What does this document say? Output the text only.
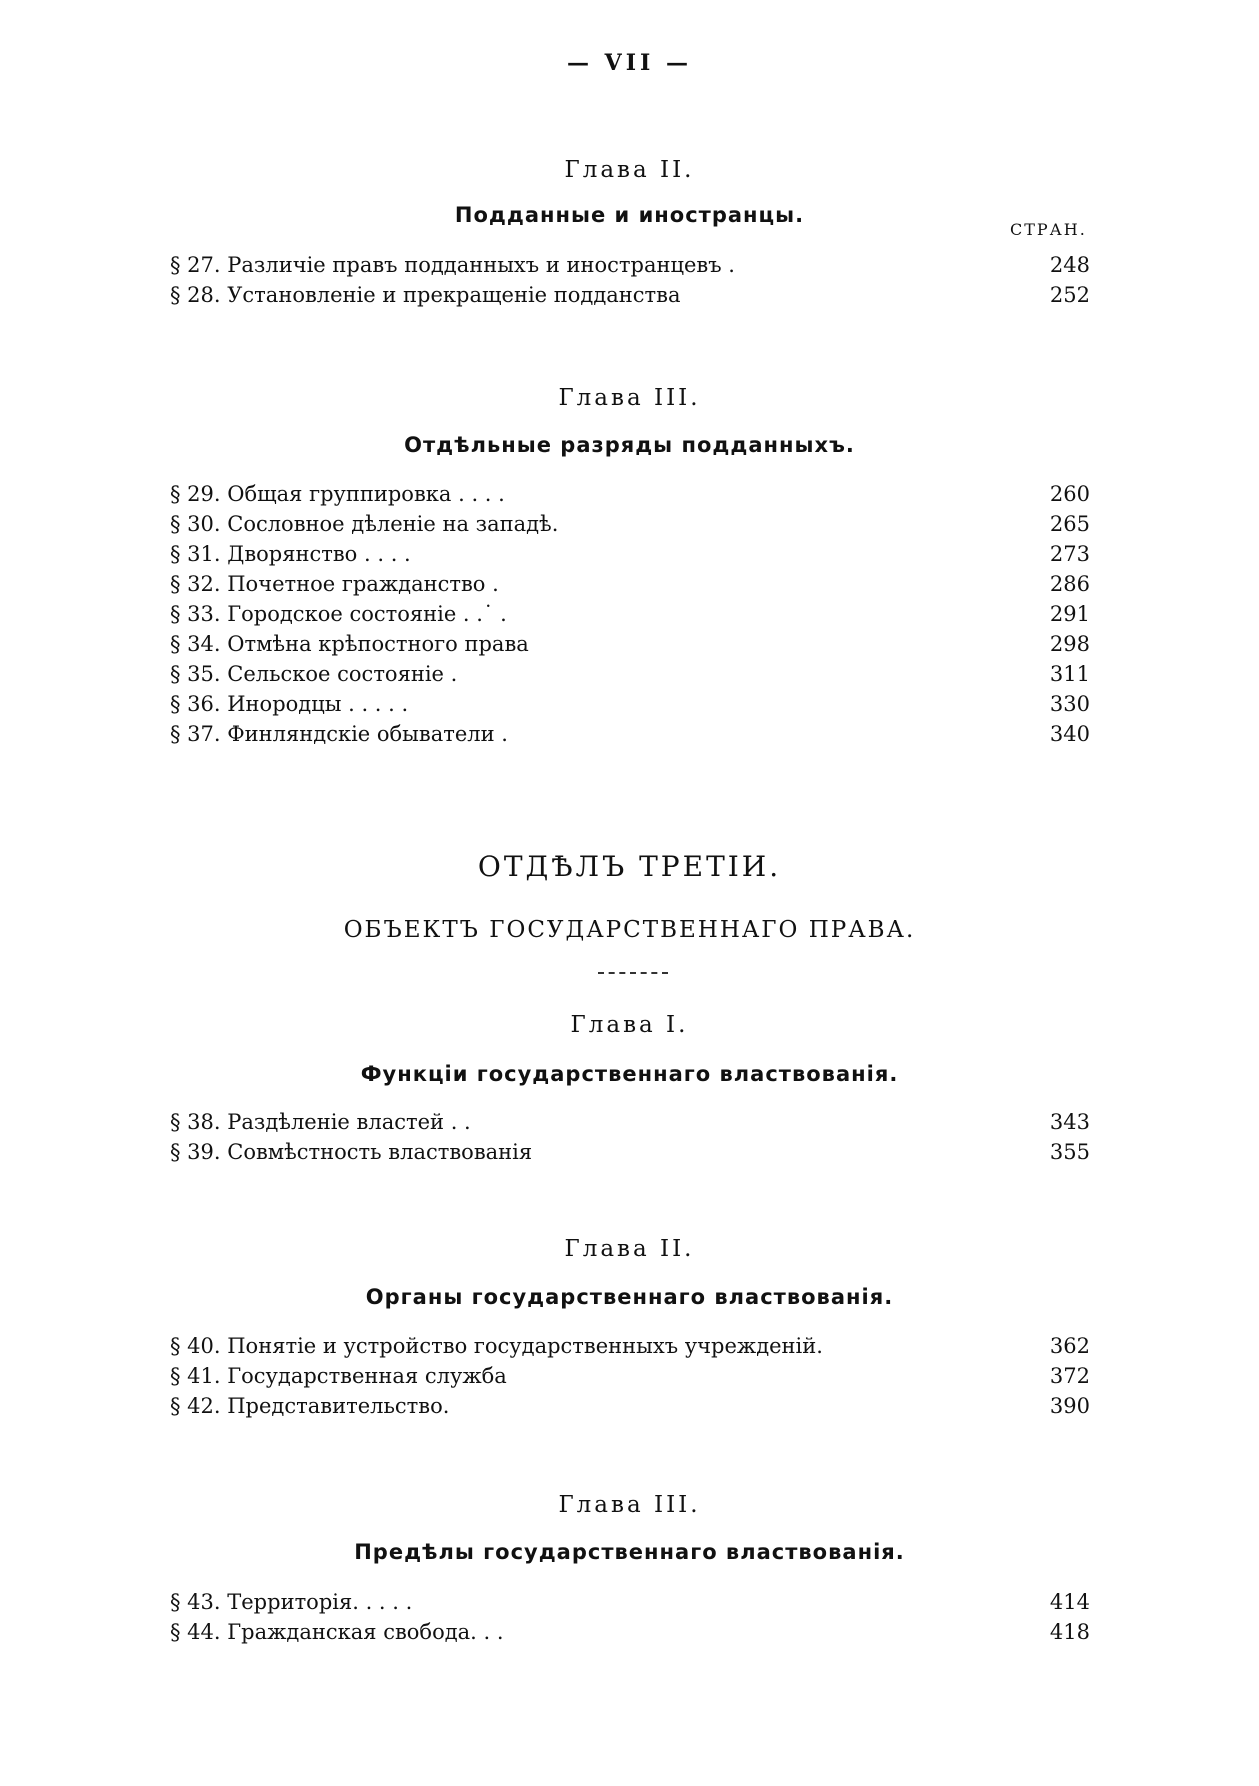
— VII —
Глава II.
Подданные и иностранцы.
СТРАН.
§ 27. Различіе правъ подданныхъ и иностранцевъ .	248
§ 28. Установленіе и прекращеніе подданства	252
Глава III.
Отдѣльные разряды подданныхъ.
§ 29. Общая группировка . . . .	260
§ 30. Сословное дѣленіе на западѣ.	265
§ 31. Дворянство . . . .	273
§ 32. Почетное гражданство .	286
§ 33. Городское состояніе . .˙ .	291
§ 34. Отмѣна крѣпостного права	298
§ 35. Сельское состояніе .	311
§ 36. Инородцы . . . . .	330
§ 37. Финляндскіе обыватели .	340
ОТДѢЛЪ ТРЕТІИ.
ОБЪЕКТЪ ГОСУДАРСТВЕННАГО ПРАВА.
Глава I.
Функціи государственнаго властвованія.
§ 38. Раздѣленіе властей . .	343
§ 39. Совмѣстность властвованія	355
Глава II.
Органы государственнаго властвованія.
§ 40. Понятіе и устройство государственныхъ учрежденій.	362
§ 41. Государственная служба	372
§ 42. Представительство.	390
Глава III.
Предѣлы государственнаго властвованія.
§ 43. Территорія. . . . .	414
§ 44. Гражданская свобода. . .	418
